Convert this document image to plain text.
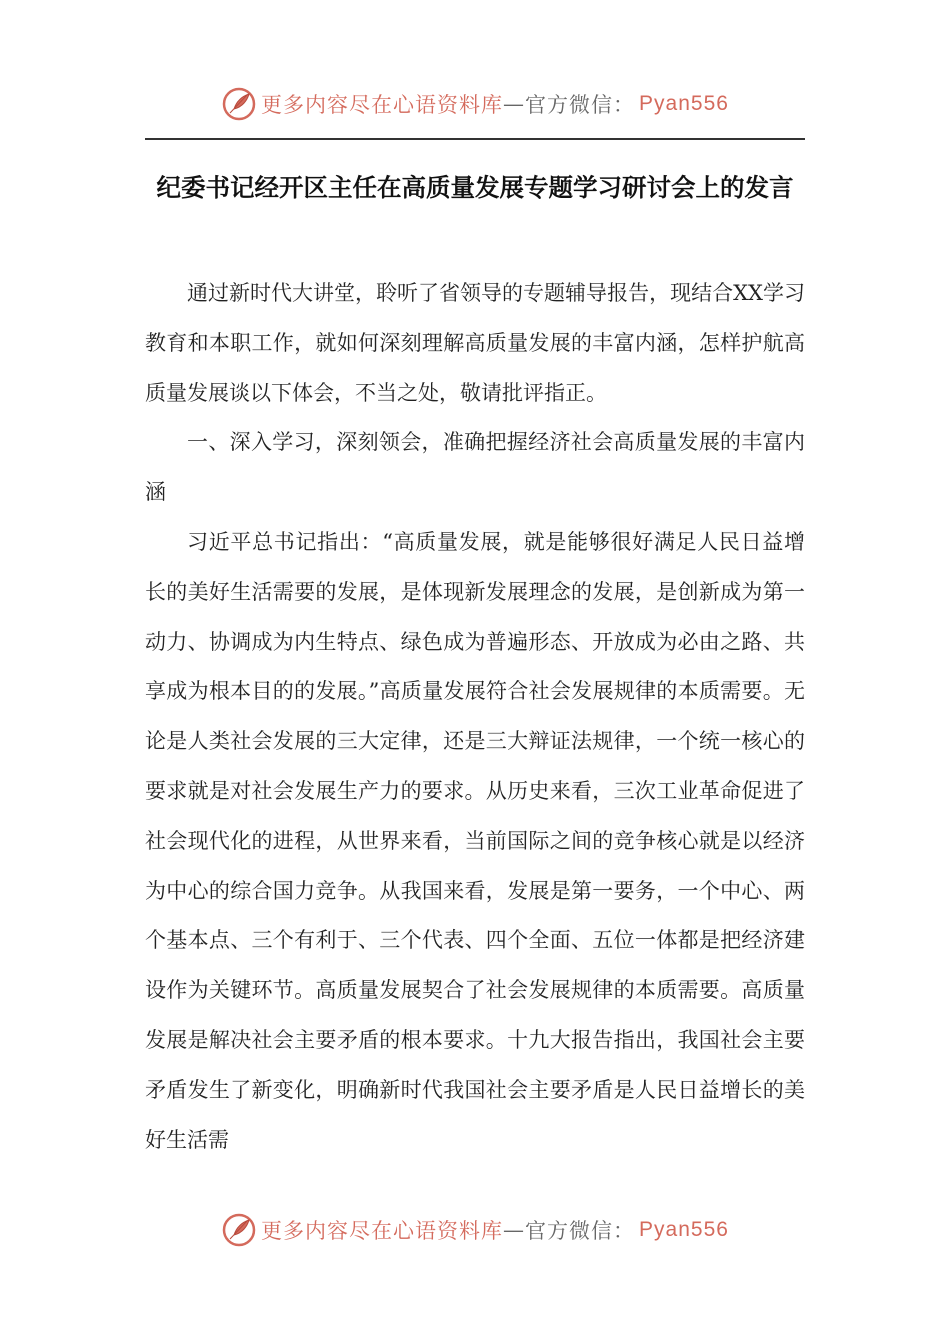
更多内容尽在心语资料库 — 官方微信： Pyan556
纪委书记经开区主任在高质量发展专题学习研讨会上的发言

通过新时代大讲堂，聆听了省领导的专题辅导报告，现结合XX学习教育和本职工作，就如何深刻理解高质量发展的丰富内涵，怎样护航高质量发展谈以下体会，不当之处，敬请批评指正。

一、深入学习，深刻领会，准确把握经济社会高质量发展的丰富内涵

习近平总书记指出：“高质量发展，就是能够很好满足人民日益增长的美好生活需要的发展，是体现新发展理念的发展，是创新成为第一动力、协调成为内生特点、绿色成为普遍形态、开放成为必由之路、共享成为根本目的的发展。”高质量发展符合社会发展规律的本质需要。无论是人类社会发展的三大定律，还是三大辩证法规律，一个统一核心的要求就是对社会发展生产力的要求。从历史来看，三次工业革命促进了社会现代化的进程，从世界来看，当前国际之间的竞争核心就是以经济为中心的综合国力竞争。从我国来看，发展是第一要务，一个中心、两个基本点、三个有利于、三个代表、四个全面、五位一体都是把经济建设作为关键环节。高质量发展契合了社会发展规律的本质需要。高质量发展是解决社会主要矛盾的根本要求。十九大报告指出，我国社会主要矛盾发生了新变化，明确新时代我国社会主要矛盾是人民日益增长的美好生活需

更多内容尽在心语资料库 — 官方微信： Pyan556
